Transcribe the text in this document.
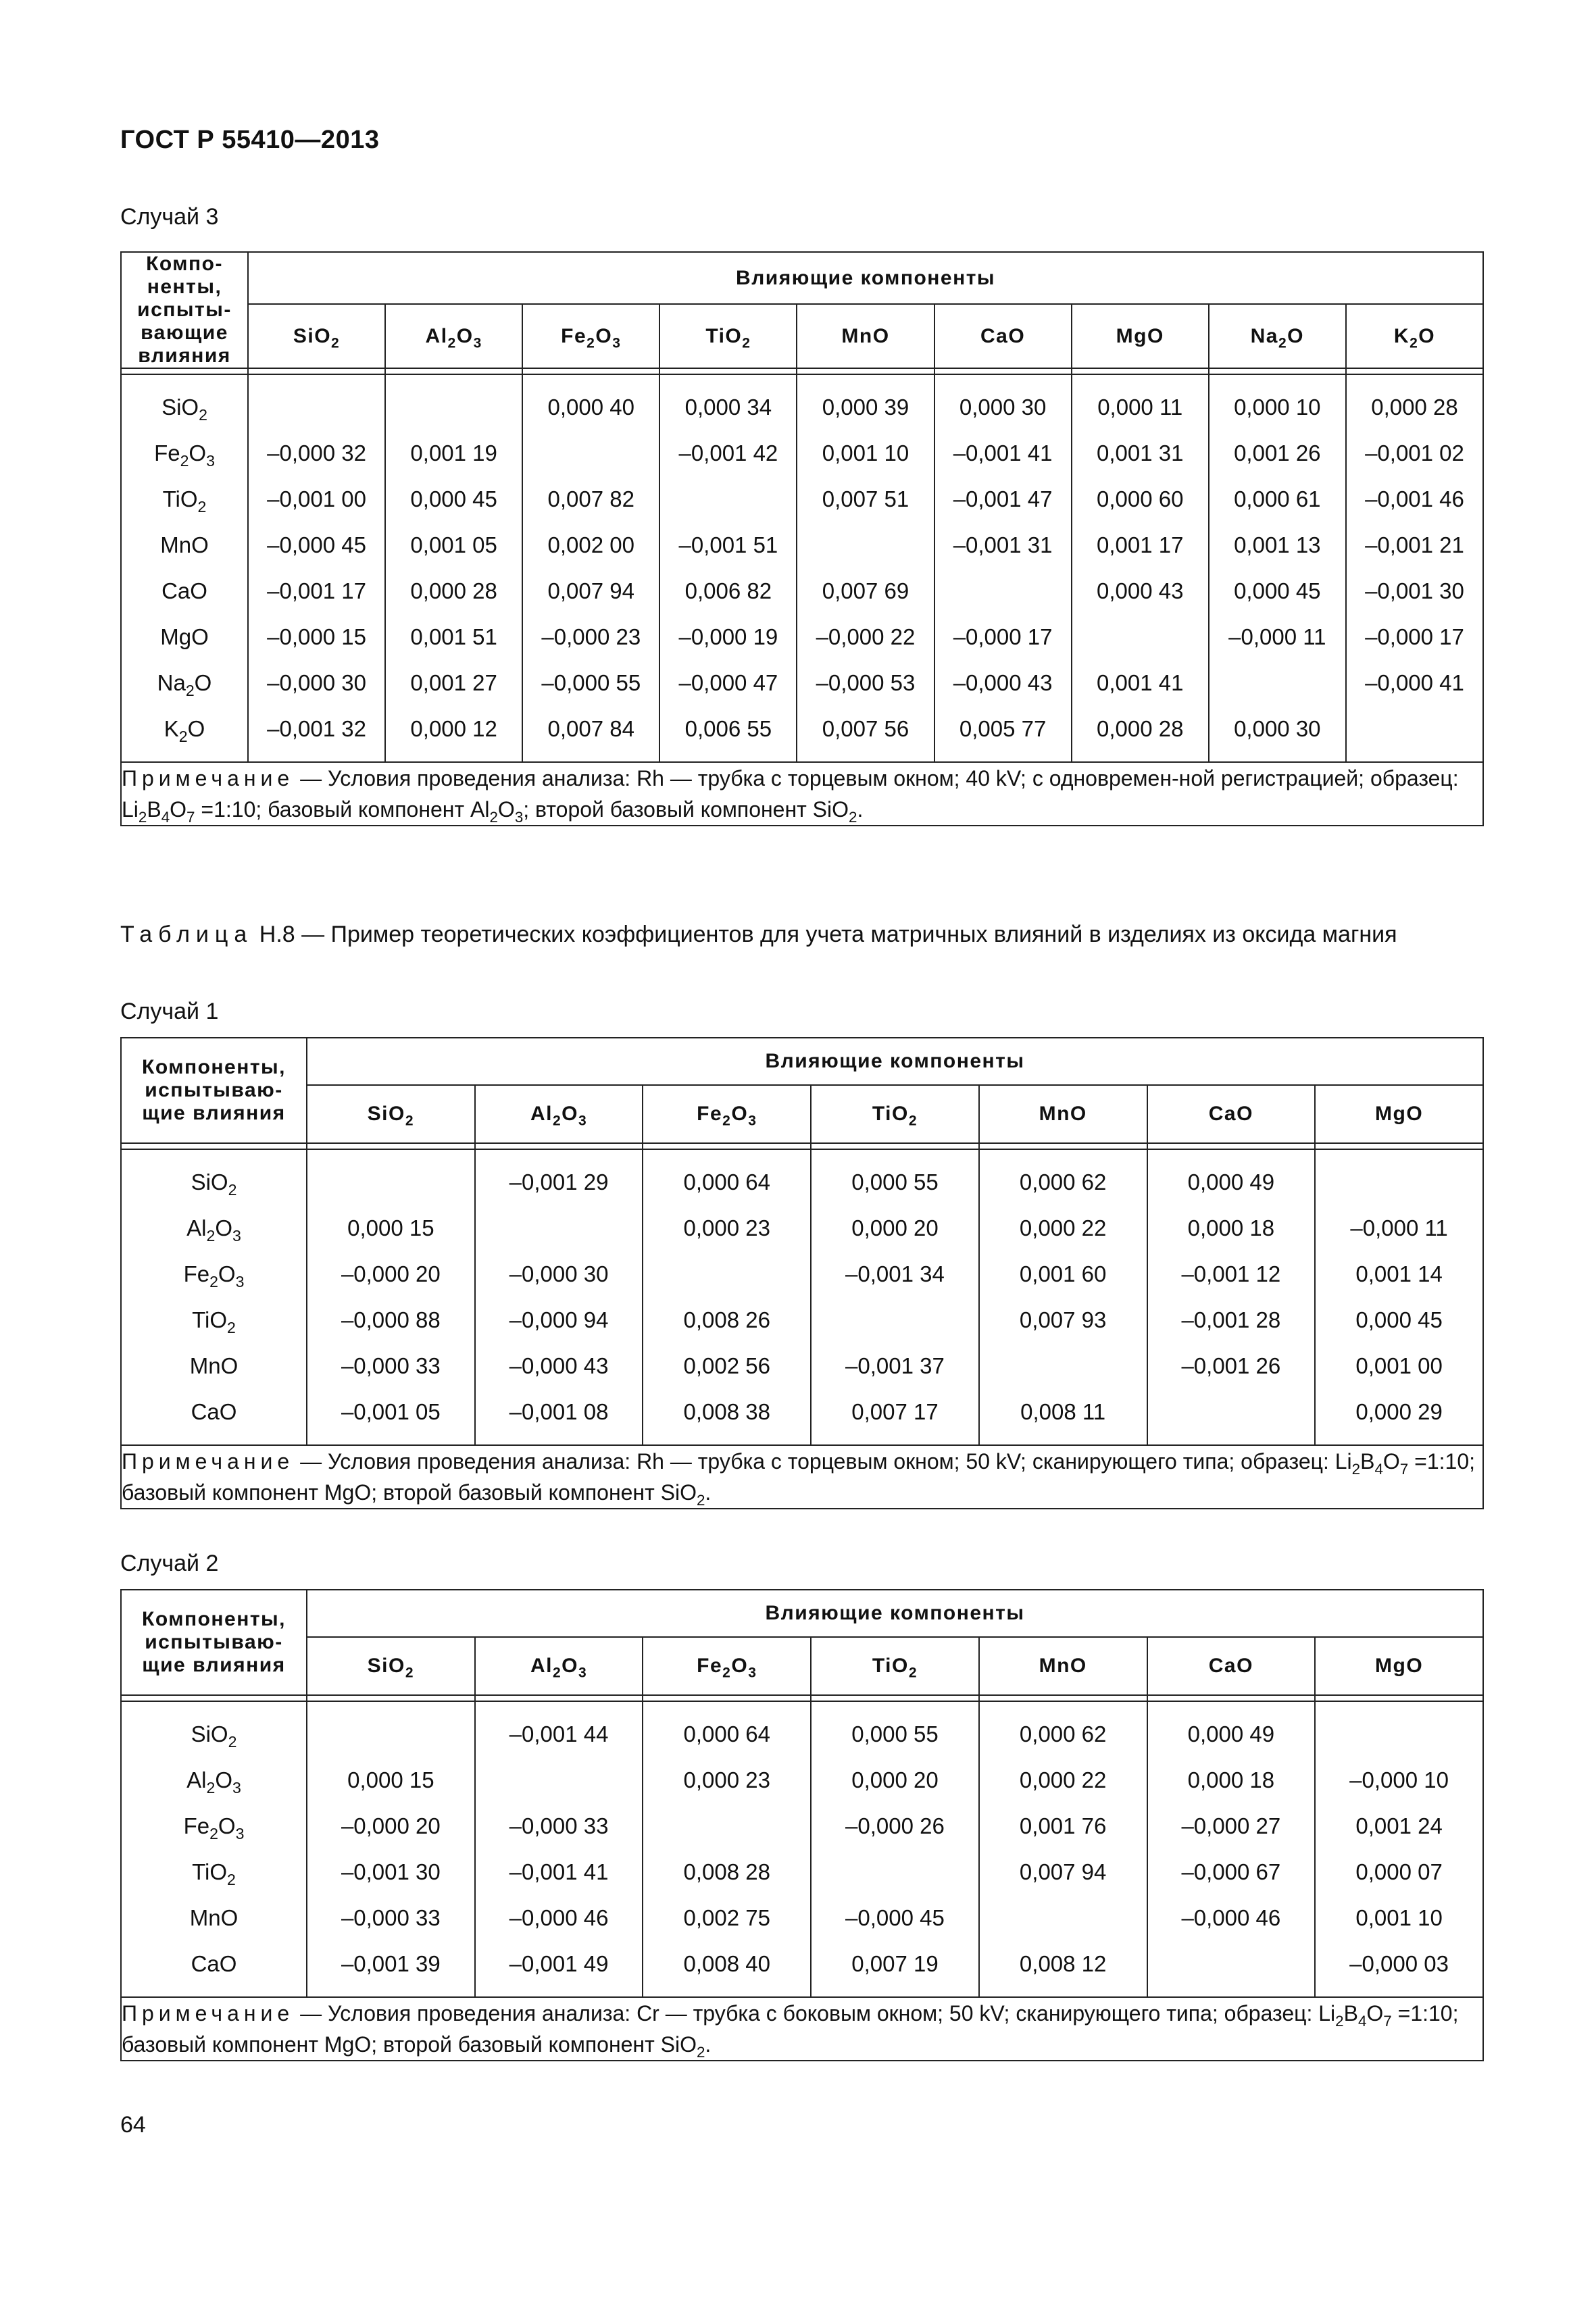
ГОСТ Р 55410—2013
Случай 3
Компо-
ненты,
испыты-
вающие
влияния	Влияющие компоненты								
	SiO$_2$	$Al_2O_3$	$Fe_2O_3$	TiO$_2$	MnO	CaO	MgO	$Na_2O$	$K_2O$

SiO$_2$			0,000 40	0,000 34	0,000 39	0,000 30	0,000 11	0,000 10	0,000 28
$Fe_2O_3$	–0,000 32	0,001 19		–0,001 42	0,001 10	–0,001 41	0,001 31	0,001 26	–0,001 02
TiO$_2$	–0,001 00	0,000 45	0,007 82		0,007 51	–0,001 47	0,000 60	0,000 61	–0,001 46
MnO	–0,000 45	0,001 05	0,002 00	–0,001 51		–0,001 31	0,001 17	0,001 13	–0,001 21
CaO	–0,001 17	0,000 28	0,007 94	0,006 82	0,007 69		0,000 43	0,000 45	–0,001 30
MgO	–0,000 15	0,001 51	–0,000 23	–0,000 19	–0,000 22	–0,000 17		–0,000 11	–0,000 17
$Na_2O$	–0,000 30	0,001 27	–0,000 55	–0,000 47	–0,000 53	–0,000 43	0,001 41		–0,000 41
$K_2O$	–0,001 32	0,000 12	0,007 84	0,006 55	0,007 56	0,005 77	0,000 28	0,000 30	
Примечание — Условия проведения анализа: Rh — трубка с торцевым окном; 40 kV; с одновремен-ной регистрацией; образец: $Li_2B_4O_7$ =1:10; базовый компонент $Al_2O_3$; второй базовый компонент SiO$_2$.									
Таблица Н.8 — Пример теоретических коэффициентов для учета матричных влияний в изделиях из оксида магния
Случай 1
Компоненты,
испытываю-
щие влияния	Влияющие компоненты						
	SiO$_2$	$Al_2O_3$	$Fe_2O_3$	TiO$_2$	MnO	CaO	MgO

SiO$_2$		–0,001 29	0,000 64	0,000 55	0,000 62	0,000 49	
$Al_2O_3$	0,000 15		0,000 23	0,000 20	0,000 22	0,000 18	–0,000 11
$Fe_2O_3$	–0,000 20	–0,000 30		–0,001 34	0,001 60	–0,001 12	0,001 14
TiO$_2$	–0,000 88	–0,000 94	0,008 26		0,007 93	–0,001 28	0,000 45
MnO	–0,000 33	–0,000 43	0,002 56	–0,001 37		–0,001 26	0,001 00
CaO	–0,001 05	–0,001 08	0,008 38	0,007 17	0,008 11		0,000 29
Примечание — Условия проведения анализа: Rh — трубка с торцевым окном; 50 kV; сканирующего типа; образец: $Li_2B_4O_7$ =1:10; базовый компонент MgO; второй базовый компонент SiO$_2$.							
Случай 2
Компоненты,
испытываю-
щие влияния	Влияющие компоненты						
	SiO$_2$	$Al_2O_3$	$Fe_2O_3$	TiO$_2$	MnO	CaO	MgO

SiO$_2$		–0,001 44	0,000 64	0,000 55	0,000 62	0,000 49	
$Al_2O_3$	0,000 15		0,000 23	0,000 20	0,000 22	0,000 18	–0,000 10
$Fe_2O_3$	–0,000 20	–0,000 33		–0,000 26	0,001 76	–0,000 27	0,001 24
TiO$_2$	–0,001 30	–0,001 41	0,008 28		0,007 94	–0,000 67	0,000 07
MnO	–0,000 33	–0,000 46	0,002 75	–0,000 45		–0,000 46	0,001 10
CaO	–0,001 39	–0,001 49	0,008 40	0,007 19	0,008 12		–0,000 03
Примечание — Условия проведения анализа: Cr — трубка с боковым окном; 50 kV; сканирующего типа; образец: $Li_2B_4O_7$ =1:10; базовый компонент MgO; второй базовый компонент SiO$_2$.							
64
